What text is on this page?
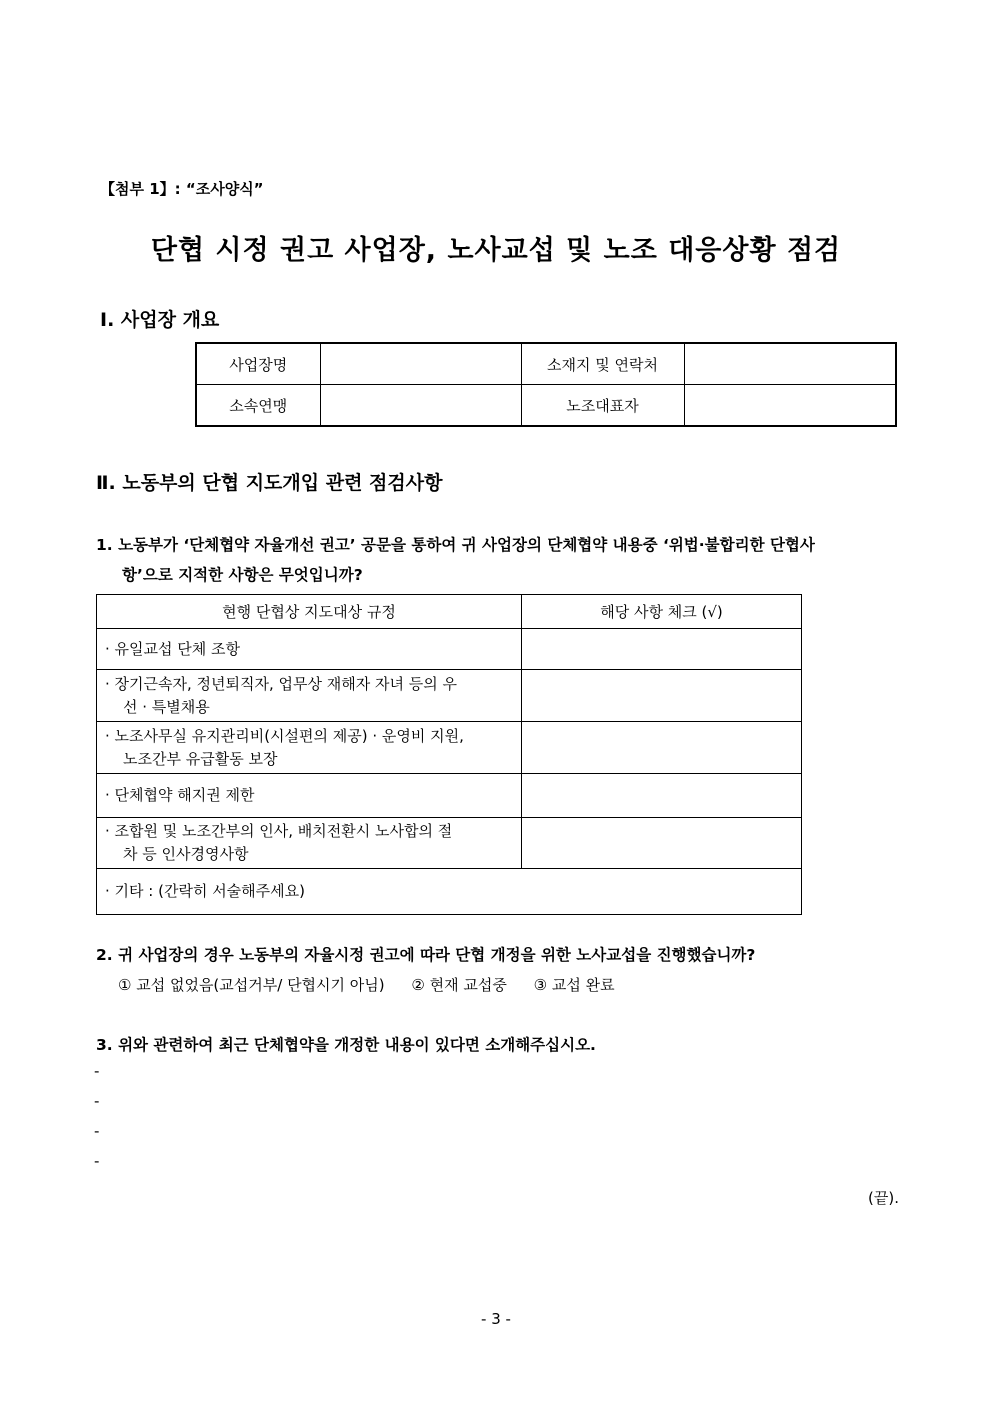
【첨부 1】: “조사양식”
단협 시정 권고 사업장, 노사교섭 및 노조 대응상황 점검
Ⅰ. 사업장 개요
사업장명		소재지 및 연락처	
소속연맹		노조대표자	
Ⅱ. 노동부의 단협 지도개입 관련 점검사항
1. 노동부가 ‘단체협약 자율개선 권고’ 공문을 통하여 귀 사업장의 단체협약 내용중 ‘위법·불합리한 단협사
항’으로 지적한 사항은 무엇입니까?
현행 단협상 지도대상 규정	해당 사항 체크 (√)

· 유일교섭 단체 조항	

· 장기근속자, 정년퇴직자, 업무상 재해자 자녀 등의 우
선 · 특별채용	

· 노조사무실 유지관리비(시설편의 제공) · 운영비 지원,
노조간부 유급활동 보장	

· 단체협약 해지권 제한	

· 조합원 및 노조간부의 인사, 배치전환시 노사합의 절
차 등 인사경영사항	

· 기타 : (간락히 서술해주세요)	
2. 귀 사업장의 경우 노동부의 자율시정 권고에 따라 단협 개정을 위한 노사교섭을 진행했습니까?
① 교섭 없었음(교섭거부/ 단협시기 아님) ② 현재 교섭중 ③ 교섭 완료
3. 위와 관련하여 최근 단체협약을 개정한 내용이 있다면 소개해주십시오.
-
-
-
-
(끝).
- 3 -
